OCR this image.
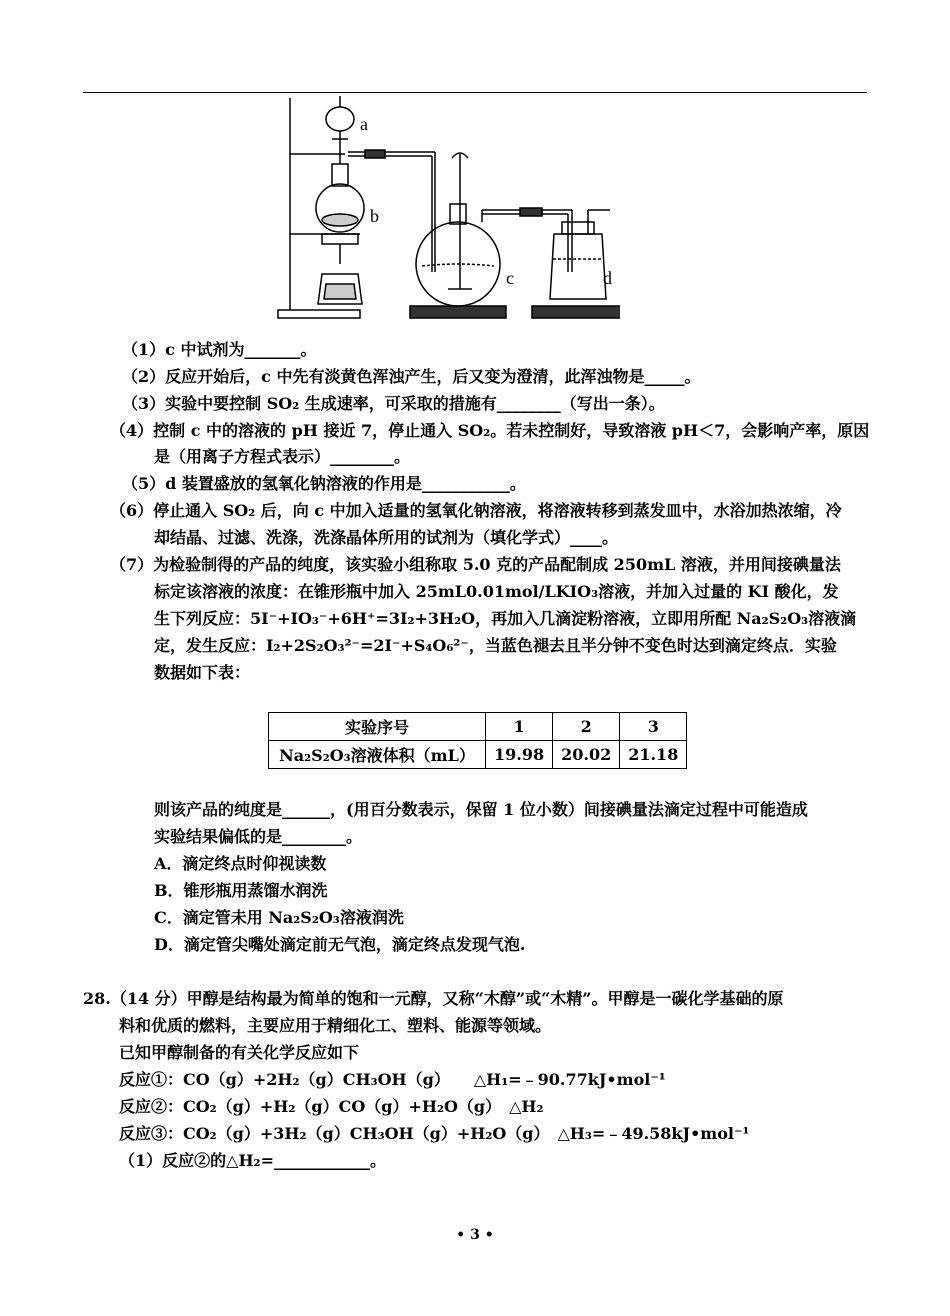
a
b
c	d
（1）c 中试剂为_______。
（2）反应开始后，c 中先有淡黄色浑浊产生，后又变为澄清，此浑浊物是_____。
（3）实验中要控制 SO₂ 生成速率，可采取的措施有________（写出一条）。
（4）控制 c 中的溶液的 pH 接近 7，停止通入 SO₂。若未控制好，导致溶液 pH＜7，会影响产率，原因
是（用离子方程式表示）________。
（5）d 装置盛放的氢氧化钠溶液的作用是___________。
（6）停止通入 SO₂ 后，向 c 中加入适量的氢氧化钠溶液，将溶液转移到蒸发皿中，水浴加热浓缩，冷
却结晶、过滤、洗涤，洗涤晶体所用的试剂为（填化学式）____。
（7）为检验制得的产品的纯度，该实验小组称取 5.0 克的产品配制成 250mL 溶液，并用间接碘量法
标定该溶液的浓度：在锥形瓶中加入 25mL0.01mol/LKIO₃溶液，并加入过量的 KI 酸化，发
生下列反应：5I⁻+IO₃⁻+6H⁺=3I₂+3H₂O，再加入几滴淀粉溶液，立即用所配 Na₂S₂O₃溶液滴
定，发生反应：I₂+2S₂O₃²⁻=2I⁻+S₄O₆²⁻，当蓝色褪去且半分钟不变色时达到滴定终点．实验
数据如下表：
则该产品的纯度是______，(用百分数表示，保留 1 位小数）间接碘量法滴定过程中可能造成
实验结果偏低的是________。
A．滴定终点时仰视读数
B．锥形瓶用蒸馏水润洗
C．滴定管未用 Na₂S₂O₃溶液润洗
D．滴定管尖嘴处滴定前无气泡，滴定终点发现气泡.
28.（14 分）甲醇是结构最为简单的饱和一元醇，又称“木醇”或“木精”。甲醇是一碳化学基础的原
料和优质的燃料，主要应用于精细化工、塑料、能源等领域。
已知甲醇制备的有关化学反应如下
反应①：CO（g）+2H₂（g）CH₃OH（g）　　△H₁=﹣90.77kJ•mol⁻¹
反应②：CO₂（g）+H₂（g）CO（g）+H₂O（g）　△H₂
反应③：CO₂（g）+3H₂（g）CH₃OH（g）+H₂O（g）　△H₃=﹣49.58kJ•mol⁻¹
（1）反应②的△H₂=____________。
实验序号	1	2	3
Na₂S₂O₃溶液体积（mL）	19.98	20.02	21.18
• 3 •
